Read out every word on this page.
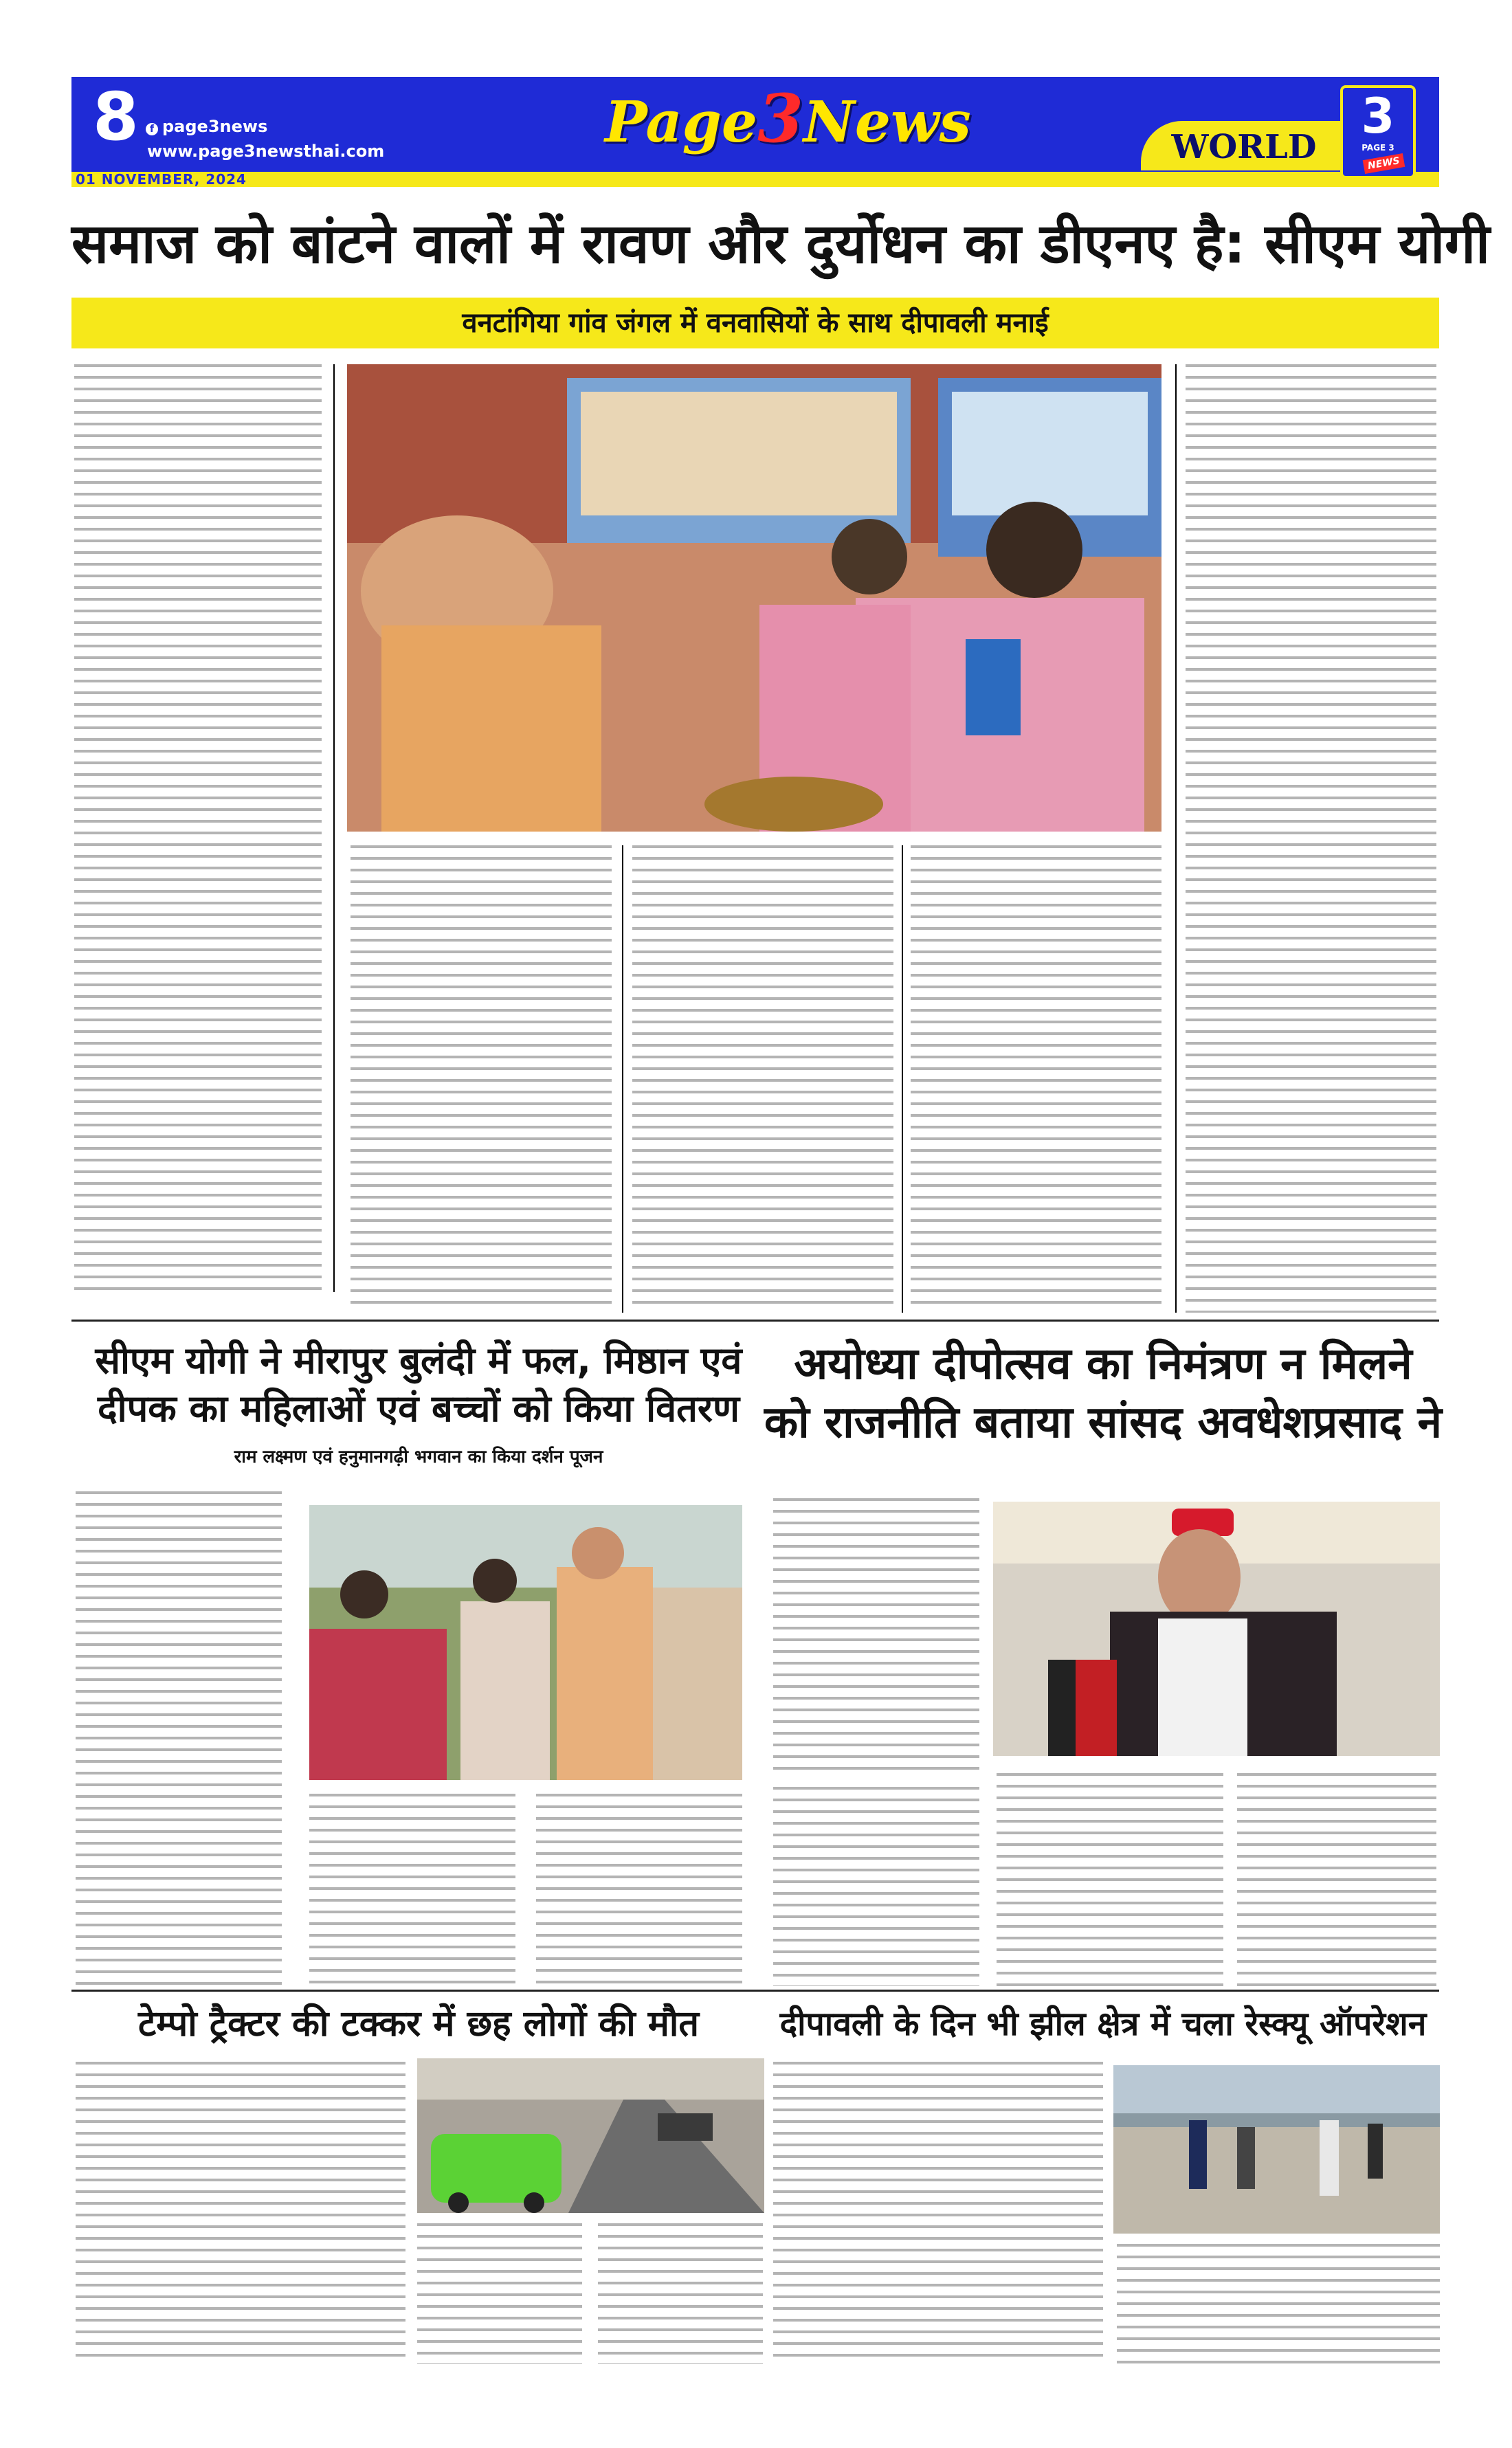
8	f page3news
www.page3newsthai.com
01 NOVEMBER, 2024
Page3News	WORLD
3
PAGE 3
NEWS
समाज को बांटने वालों में रावण और दुर्योधन का डीएनए है: सीएम योगी
वनटांगिया गांव जंगल में वनवासियों के साथ दीपावली मनाई
सीएम योगी ने मीरापुर बुलंदी में फल, मिष्ठान एवं
दीपक का महिलाओं एवं बच्चों को किया वितरण
राम लक्ष्मण एवं हनुमानगढ़ी भगवान का किया दर्शन पूजन
अयोध्या दीपोत्सव का निमंत्रण न मिलने
को राजनीति बताया सांसद अवधेशप्रसाद ने
टेम्पो ट्रैक्टर की टक्कर में छह लोगों की मौत	दीपावली के दिन भी झील क्षेत्र में चला रेस्क्यू ऑपरेशन
